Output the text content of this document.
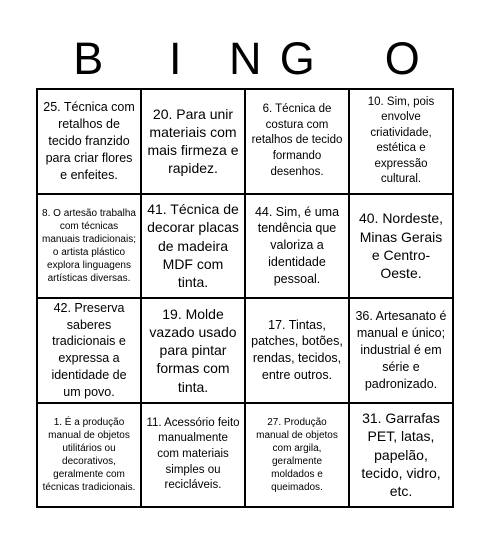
B	I	N G	O
25. Técnica com retalhos de tecido franzido para criar flores e enfeites.
20. Para unir materiais com mais firmeza e rapidez.
6. Técnica de costura com retalhos de tecido formando desenhos.
10. Sim, pois envolve criatividade, estética e expressão cultural.
8. O artesão trabalha com técnicas manuais tradicionais; o artista plástico explora linguagens artísticas diversas.
41. Técnica de decorar placas de madeira MDF com tinta.
44. Sim, é uma tendência que valoriza a identidade pessoal.
40. Nordeste, Minas Gerais e Centro-Oeste.
42. Preserva saberes tradicionais e expressa a identidade de um povo.
19. Molde vazado usado para pintar formas com tinta.
17. Tintas, patches, botões, rendas, tecidos, entre outros.
36. Artesanato é manual e único; industrial é em série e padronizado.
1. É a produção manual de objetos utilitários ou decorativos, geralmente com técnicas tradicionais.
11. Acessório feito manualmente com materiais simples ou recicláveis.
27. Produção manual de objetos com argila, geralmente moldados e queimados.
31. Garrafas PET, latas, papelão, tecido, vidro, etc.
